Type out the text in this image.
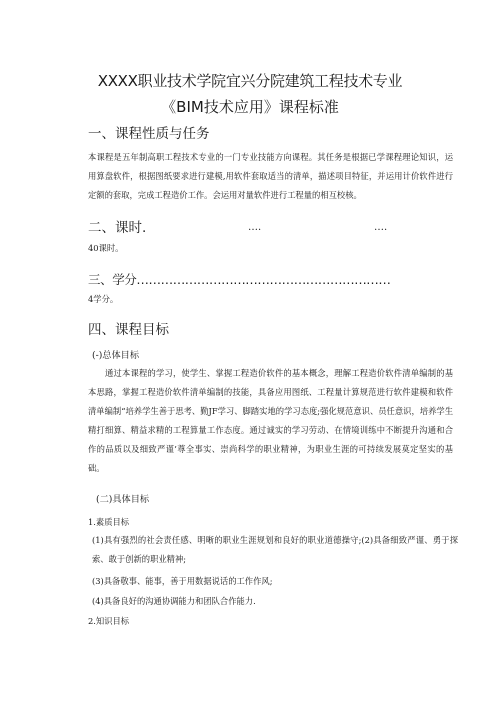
XXXX职业技术学院宜兴分院建筑工程技术专业
《BIM技术应用》课程标准
一、课程性质与任务
本课程是五年制高职工程技术专业的一门专业技能方向课程。其任务是根据已学课程理论知识，运用算盘软件，根据图纸要求进行建模,用软件套取适当的清单，描述项目特征，并运用计价软件进行定额的套取，完成工程造价工作。会运用对量软件进行工程量的相互校核。
二、课时.	….	….
40课时。
三、学分………………………………………………………
4学分。
四、课程目标
(-)总体目标
通过本课程的学习，使学生、掌握工程造价软件的基本概念，理解工程造价软件清单编制的基本思路，掌握工程造价软件清单编制的技能，具备应用图纸、工程量计算规范进行软件建模和软件清单编制“培养学生善于思考、勤JF学习、脚踏实地的学习态度;强化规范意识、员任意识，培养学生精打细算、精益求精的工程算量工作态度。通过诚实的学习劳动、在情境训练中不断提升沟通和合作的品质以及细致严谨’尊全事实、崇尚科学的职业精神，为职业生涯的可持续发展莫定坚实的基础。
(二)具体目标
1.素质目标
(1)具有强烈的社会责任感、明晰的职业生涯规划和良好的职业道德操守;(2)具备细致严谨、勇于探索、敢于创新的职业精神;
(3)具备敬事、能事，善于用数据说话的工作作风;
(4)具备良好的沟通协调能力和团队合作能力.
2.知识目标
